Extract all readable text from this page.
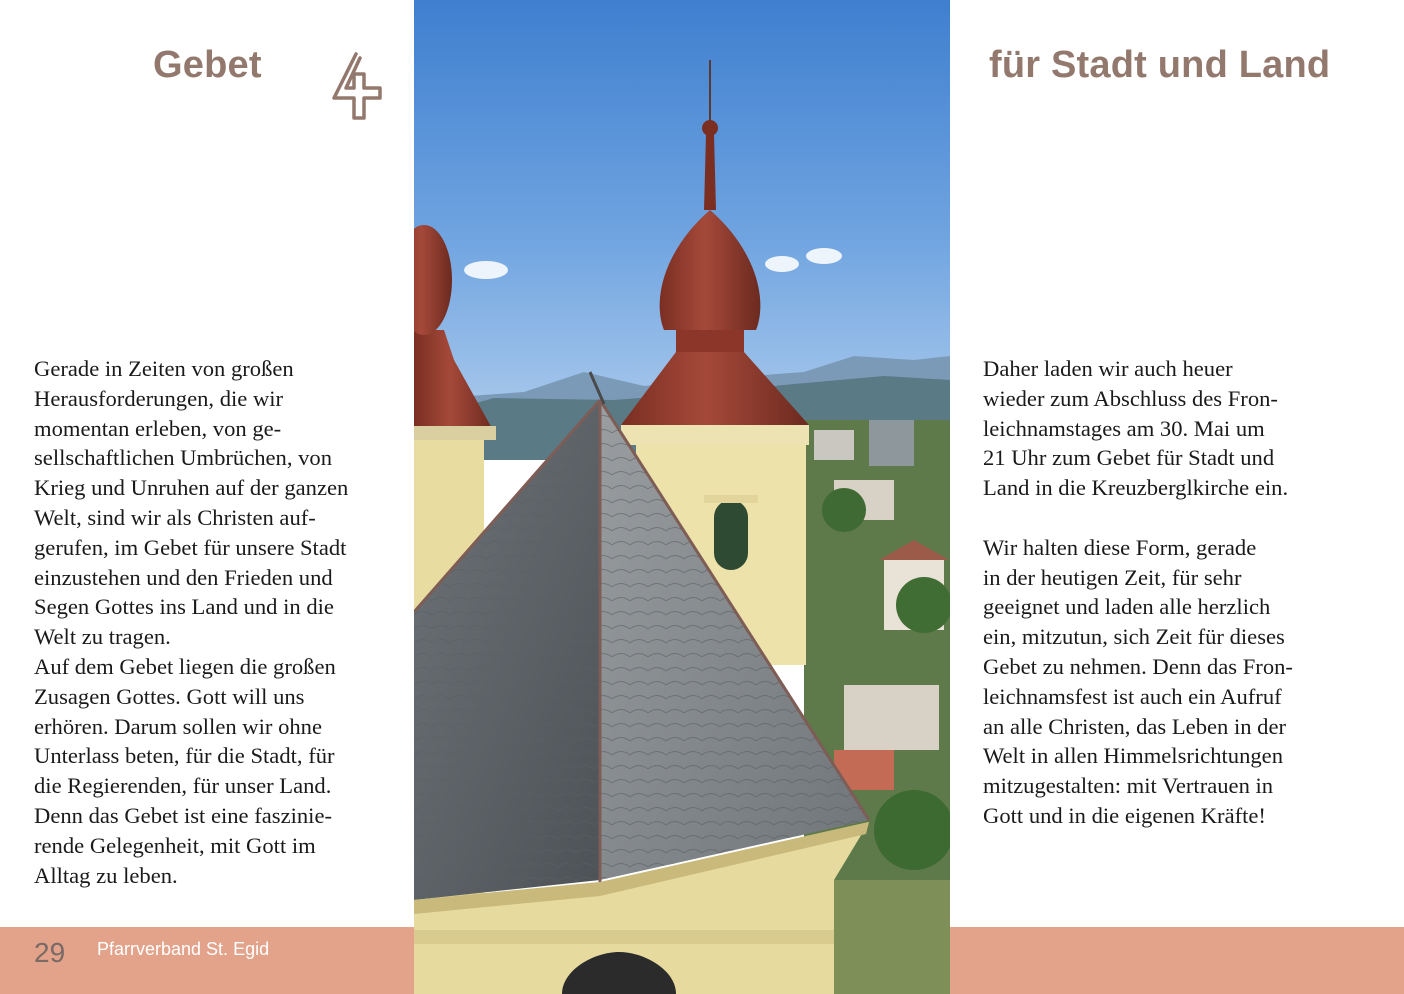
Gebet

Gerade in Zeiten von großen
Herausforderungen, die wir
momentan erleben, von ge-
sellschaftlichen Umbrüchen, von
Krieg und Unruhen auf der ganzen
Welt, sind wir als Christen auf-
gerufen, im Gebet für unsere Stadt
einzustehen und den Frieden und
Segen Gottes ins Land und in die
Welt zu tragen.
Auf dem Gebet liegen die großen
Zusagen Gottes. Gott will uns
erhören. Darum sollen wir ohne
Unterlass beten, für die Stadt, für
die Regierenden, für unser Land.
Denn das Gebet ist eine faszinie-
rende Gelegenheit, mit Gott im
Alltag zu leben.

29 Pfarrverband St. Egid
für Stadt und Land

Daher laden wir auch heuer
wieder zum Abschluss des Fron-
leichnamstages am 30. Mai um
21 Uhr zum Gebet für Stadt und
Land in die Kreuzberglkirche ein.

Wir halten diese Form, gerade
in der heutigen Zeit, für sehr
geeignet und laden alle herzlich
ein, mitzutun, sich Zeit für dieses
Gebet zu nehmen. Denn das Fron-
leichnamsfest ist auch ein Aufruf
an alle Christen, das Leben in der
Welt in allen Himmelsrichtungen
mitzugestalten: mit Vertrauen in
Gott und in die eigenen Kräfte!
